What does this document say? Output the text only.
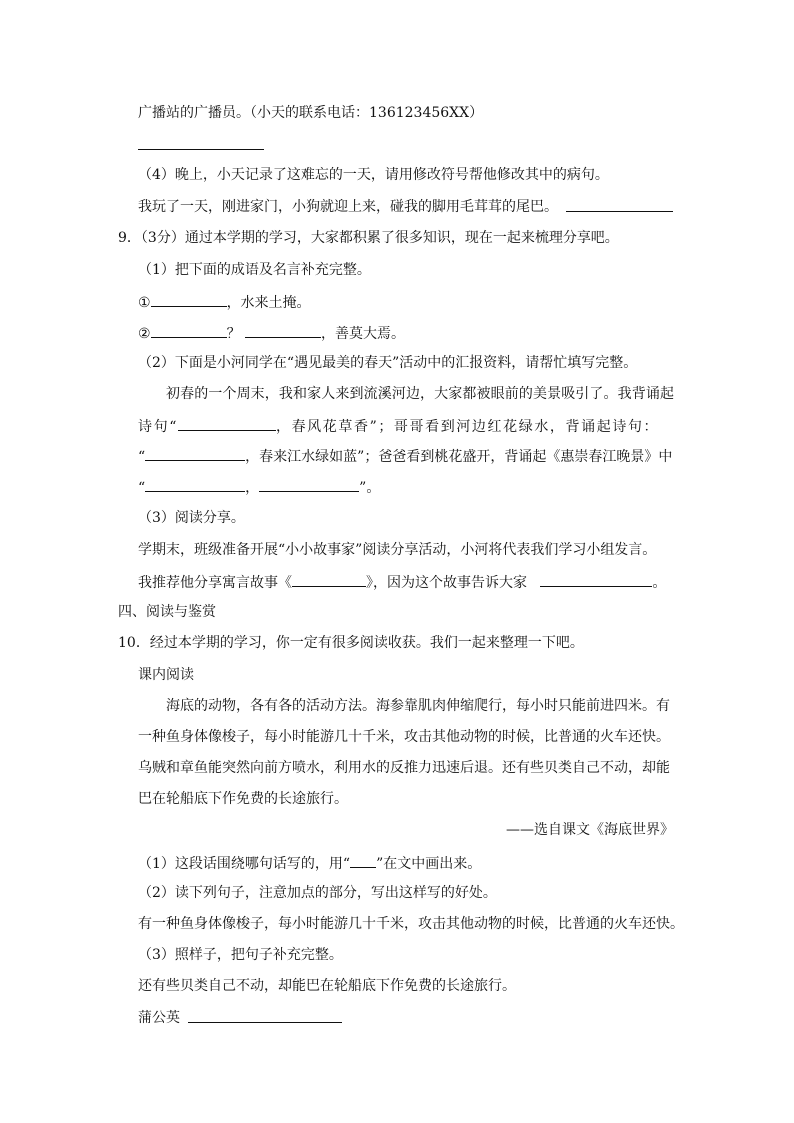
广播站的广播员。（小天的联系电话：136123456XX）
（4）晚上，小天记录了这难忘的一天，请用修改符号帮他修改其中的病句。
我玩了一天，刚进家门，小狗就迎上来，碰我的脚用毛茸茸的尾巴。
9．（3分）通过本学期的学习，大家都积累了很多知识，现在一起来梳理分享吧。
（1）把下面的成语及名言补充完整。
①	，水来土掩。
②	？	，善莫大焉。
（2）下面是小河同学在“遇见最美的春天”活动中的汇报资料，请帮忙填写完整。
初春的一个周末，我和家人来到流溪河边，大家都被眼前的美景吸引了。我背诵起
诗句“	，春风花草香”；哥哥看到河边红花绿水，背诵起诗句：
“	，春来江水绿如蓝”；爸爸看到桃花盛开，背诵起《惠崇春江晚景》中
“	，	”。
（3）阅读分享。
学期末，班级准备开展“小小故事家”阅读分享活动，小河将代表我们学习小组发言。
我推荐他分享寓言故事《	》，因为这个故事告诉大家	。
四、阅读与鉴赏
10．经过本学期的学习，你一定有很多阅读收获。我们一起来整理一下吧。
课内阅读
海底的动物，各有各的活动方法。海参靠肌肉伸缩爬行，每小时只能前进四米。有
一种鱼身体像梭子，每小时能游几十千米，攻击其他动物的时候，比普通的火车还快。
乌贼和章鱼能突然向前方喷水，利用水的反推力迅速后退。还有些贝类自己不动，却能
巴在轮船底下作免费的长途旅行。
——选自课文《海底世界》
（1）这段话围绕哪句话写的，用“ ”在文中画出来。
（2）读下列句子，注意加点的部分，写出这样写的好处。
有一种鱼身体像梭子，每小时能游几十千米，攻击其他动物的时候，比普通的火车还快。
（3）照样子，把句子补充完整。
还有些贝类自己不动，却能巴在轮船底下作免费的长途旅行。
蒲公英
